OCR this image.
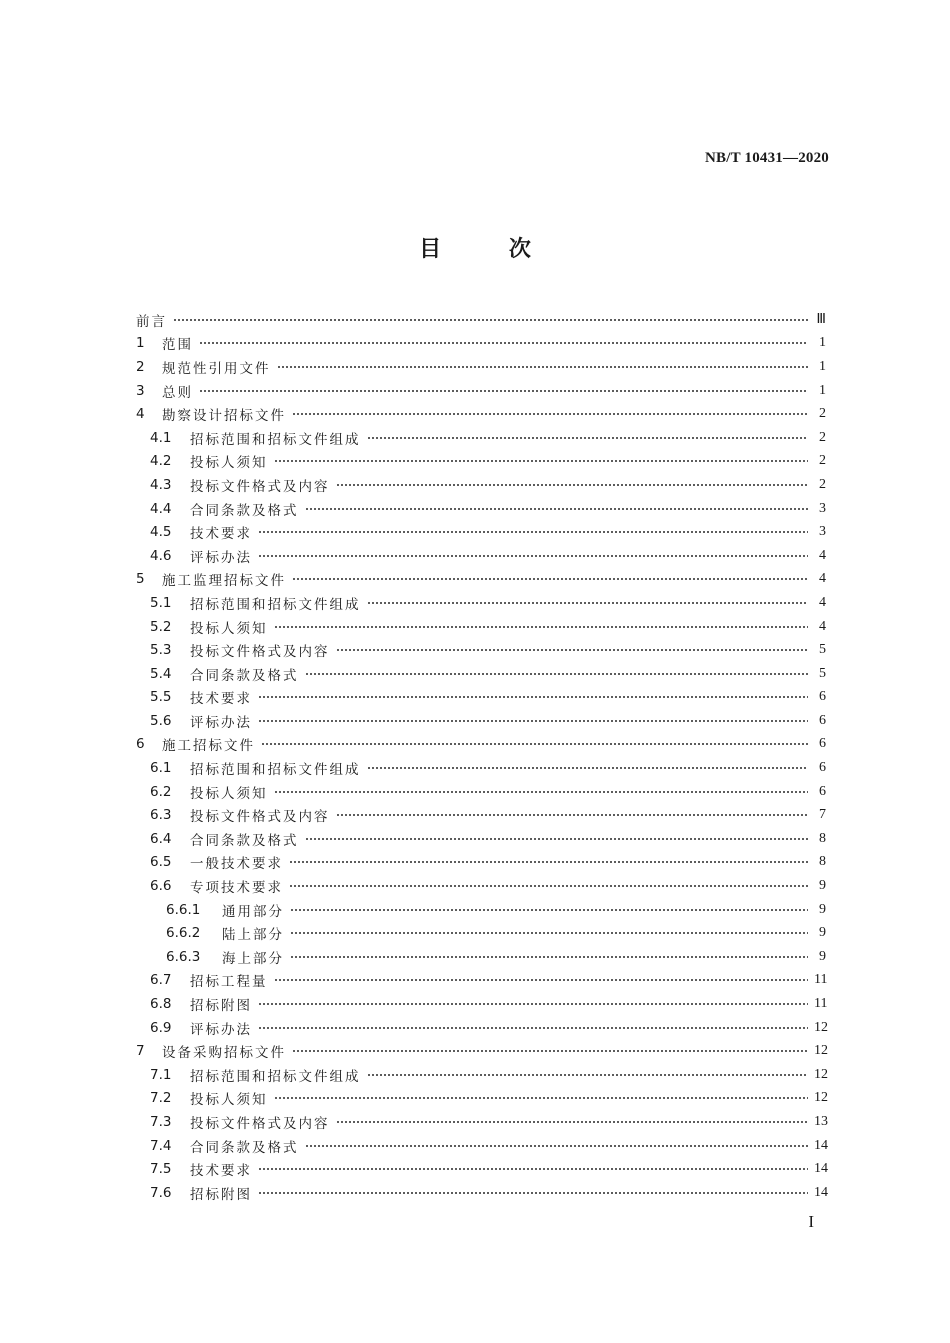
NB/T 10431—2020
目	次
前言	Ⅲ
1	范围	1
2	规范性引用文件	1
3	总则	1
4	勘察设计招标文件	2
4.1	招标范围和招标文件组成	2
4.2	投标人须知	2
4.3	投标文件格式及内容	2
4.4	合同条款及格式	3
4.5	技术要求	3
4.6	评标办法	4
5	施工监理招标文件	4
5.1	招标范围和招标文件组成	4
5.2	投标人须知	4
5.3	投标文件格式及内容	5
5.4	合同条款及格式	5
5.5	技术要求	6
5.6	评标办法	6
6	施工招标文件	6
6.1	招标范围和招标文件组成	6
6.2	投标人须知	6
6.3	投标文件格式及内容	7
6.4	合同条款及格式	8
6.5	一般技术要求	8
6.6	专项技术要求	9
6.6.1	通用部分	9
6.6.2	陆上部分	9
6.6.3	海上部分	9
6.7	招标工程量	11
6.8	招标附图	11
6.9	评标办法	12
7	设备采购招标文件	12
7.1	招标范围和招标文件组成	12
7.2	投标人须知	12
7.3	投标文件格式及内容	13
7.4	合同条款及格式	14
7.5	技术要求	14
7.6	招标附图	14
I
